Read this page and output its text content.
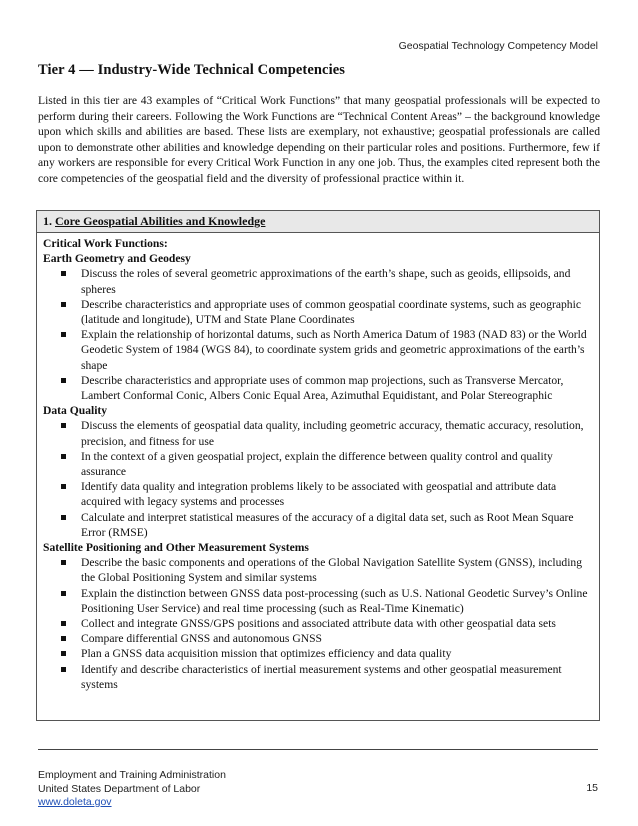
Geospatial Technology Competency Model
Tier 4 — Industry-Wide Technical Competencies
Listed in this tier are 43 examples of “Critical Work Functions” that many geospatial professionals will be expected to perform during their careers. Following the Work Functions are “Technical Content Areas” – the background knowledge upon which skills and abilities are based. These lists are exemplary, not exhaustive; geospatial professionals are called upon to demonstrate other abilities and knowledge depending on their particular roles and positions. Furthermore, few if any workers are responsible for every Critical Work Function in any one job. Thus, the examples cited represent both the core competencies of the geospatial field and the diversity of professional practice within it.
1. Core Geospatial Abilities and Knowledge
Critical Work Functions:
Earth Geometry and Geodesy
Discuss the roles of several geometric approximations of the earth’s shape, such as geoids, ellipsoids, and spheres
Describe characteristics and appropriate uses of common geospatial coordinate systems, such as geographic (latitude and longitude), UTM and State Plane Coordinates
Explain the relationship of horizontal datums, such as North America Datum of 1983 (NAD 83) or the World Geodetic System of 1984 (WGS 84), to coordinate system grids and geometric approximations of the earth’s shape
Describe characteristics and appropriate uses of common map projections, such as Transverse Mercator, Lambert Conformal Conic, Albers Conic Equal Area, Azimuthal Equidistant, and Polar Stereographic
Data Quality
Discuss the elements of geospatial data quality, including geometric accuracy, thematic accuracy, resolution, precision, and fitness for use
In the context of a given geospatial project, explain the difference between quality control and quality assurance
Identify data quality and integration problems likely to be associated with geospatial and attribute data acquired with legacy systems and processes
Calculate and interpret statistical measures of the accuracy of a digital data set, such as Root Mean Square Error (RMSE)
Satellite Positioning and Other Measurement Systems
Describe the basic components and operations of the Global Navigation Satellite System (GNSS), including the Global Positioning System and similar systems
Explain the distinction between GNSS data post-processing (such as U.S. National Geodetic Survey’s Online Positioning User Service) and real time processing (such as Real-Time Kinematic)
Collect and integrate GNSS/GPS positions and associated attribute data with other geospatial data sets
Compare differential GNSS and autonomous GNSS
Plan a GNSS data acquisition mission that optimizes efficiency and data quality
Identify and describe characteristics of inertial measurement systems and other geospatial measurement systems
Employment and Training Administration
United States Department of Labor
www.doleta.gov
15
